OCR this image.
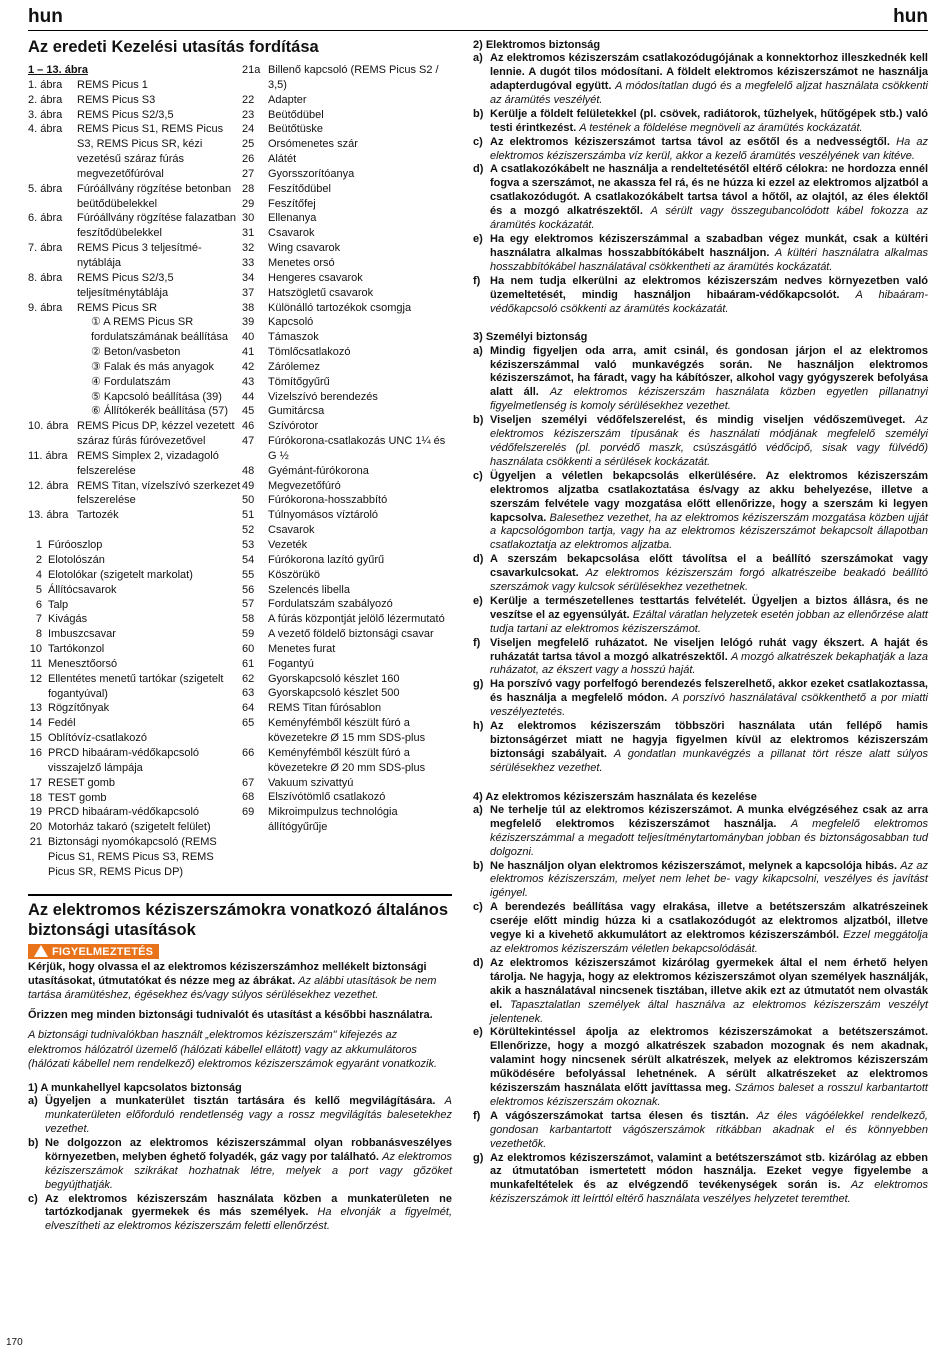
hun	hun
Az eredeti Kezelési utasítás fordítása
1 – 13. ábra
1. ábra	REMS Picus 1
2. ábra	REMS Picus S3
3. ábra	REMS Picus S2/3,5
4. ábra	REMS Picus S1, REMS Picus S3, REMS Picus SR, kézi vezetésű száraz fúrás megvezetőfúróval
5. ábra	Fúróállvány rögzítése betonban beütődübelekkel
6. ábra	Fúróállvány rögzítése falazatban feszítődübelekkel
7. ábra	REMS Picus 3 teljesítmé-nytáblája
8. ábra	REMS Picus S2/3,5 teljesítménytáblája
9. ábra	REMS Picus SR
① A REMS Picus SR fordulatszámának beállítása
② Beton/vasbeton
③ Falak és más anyagok
④ Fordulatszám
⑤ Kapcsoló beállítása (39)
⑥ Állítókerék beállítása (57)
10. ábra REMS Picus DP, kézzel vezetett száraz fúrás fúróvezetővel
11. ábra REMS Simplex 2, vizadagoló felszerelése
12. ábra REMS Titan, vízelszívó szerkezet felszerelése
13. ábra Tartozék
1 Fúróoszlop
2 Elotolószán
4 Elotolókar (szigetelt markolat)
5 Állítócsavarok
6 Talp
7 Kivágás
8 Imbuszcsavar
10 Tartókonzol
11 Menesztőorsó
12 Ellentétes menetű tartókar (szigetelt fogantyúval)
13 Rögzítőnyak
14 Fedél
15 Oblítóvíz-csatlakozó
16 PRCD hibaáram-védőkapcsoló visszajelző lámpája
17 RESET gomb
18 TEST gomb
19 PRCD hibaáram-védőkapcsoló
20 Motorház takaró (szigetelt felület)
21 Biztonsági nyomókapcsoló (REMS Picus S1, REMS Picus S3, REMS Picus SR, REMS Picus DP)
21a Billenő kapcsoló (REMS Picus S2 / 3,5)
22	Adapter
23	Beütődübel
24	Beütőtüske
25	Orsómenetes szár
26	Alátét
27	Gyorsszorítóanya
28	Feszítődübel
29	Feszítőfej
30	Ellenanya
31	Csavarok
32	Wing csavarok
33	Menetes orsó
34	Hengeres csavarok
37	Hatszögletű csavarok
38	Különálló tartozékok csomgja
39	Kapcsoló
40	Támaszok
41	Tömlőcsatlakozó
42	Zárólemez
43	Tömítőgyűrű
44	Vizelszívó berendezés
45	Gumitárcsa
46	Szívórotor
47	Fúrókorona-csatlakozás UNC 1¼ és G ½
48	Gyémánt-fúrókorona
49	Megvezetőfúró
50	Fúrókorona-hosszabbító
51	Túlnyomásos víztároló
52	Csavarok
53	Vezeték
54	Fúrókorona lazító gyűrű
55	Köszörükö
56	Szelencés libella
57	Fordulatszám szabályozó
58	A fúrás központját jelölő lézermutató
59	A vezető földelő biztonsági csavar
60	Menetes furat
61	Fogantyú
62	Gyorskapcsoló készlet 160
63	Gyorskapcsoló készlet 500
64	REMS Titan fúrósablon
65	Keményfémből készült fúró a kövezetekre Ø 15 mm SDS-plus
66	Keményfémből készült fúró a kövezetekre Ø 20 mm SDS-plus
67	Vakuum szivattyú
68	Elszívótömlő csatlakozó
69	Mikroimpulzus technológia állítógyűrűje
Az elektromos kéziszerszámokra vonatkozó általános biztonsági utasítások
FIGYELMEZTETÉS
Kérjük, hogy olvassa el az elektromos kéziszerszámhoz mellékelt biztonsági utasításokat, útmutatókat és nézze meg az ábrákat. Az alábbi utasítások be nem tartása áramütéshez, égésekhez és/vagy súlyos sérülésekhez vezethet.
Őrizzen meg minden biztonsági tudnivalót és utasítást a későbbi használatra.
A biztonsági tudnivalókban használt „elektromos kéziszerszám" kifejezés az elektromos hálózatról üzemelő (hálózati kábellel ellátott) vagy az akkumulátoros (hálózati kábellel nem rendelkező) elektromos kéziszerszámok egyaránt vonatkozik.
1) A munkahellyel kapcsolatos biztonság
a) Ügyeljen a munkaterület tisztán tartására és kellő megvilágítására. A munkaterületen előforduló rendetlenség vagy a rossz megvilágítás balesetekhez vezethet.
b) Ne dolgozzon az elektromos kéziszerszámmal olyan robbanásveszélyes környezetben, melyben éghető folyadék, gáz vagy por található. Az elektromos kéziszerszámok szikrákat hozhatnak létre, melyek a port vagy gőzöket begyújthatják.
c) Az elektromos kéziszerszám használata közben a munkaterületen ne tartózkodjanak gyermekek és más személyek. Ha elvonják a figyelmét, elveszítheti az elektromos kéziszerszám feletti ellenőrzést.
2) Elektromos biztonság
a) Az elektromos kéziszerszám csatlakozódugójának a konnektorhoz illeszkednék kell lennie. A dugót tilos módosítani. A földelt elektromos kéziszerszámot ne használja adapterdugóval együtt. A módosítatlan dugó és a megfelelő aljzat használata csökkenti az áramütés veszélyét.
b) Kerülje a földelt felületekkel (pl. csövek, radiátorok, tűzhelyek, hűtőgépek stb.) való testi érintkezést. A testének a földelése megnöveli az áramütés kockázatát.
c) Az elektromos kéziszerszámot tartsa távol az esőtől és a nedvességtől. Ha az elektromos kéziszerszámba víz kerül, akkor a kezelő áramütés veszélyének van kitéve.
d) A csatlakozókábelt ne használja a rendeltetésétől eltérő célokra: ne hordozza ennél fogva a szerszámot, ne akassza fel rá, és ne húzza ki ezzel az elektromos aljzatból a csatlakozódugót. A csatlakozókábelt tartsa távol a hőtől, az olajtól, az éles élektől és a mozgó alkatrészektől. A sérült vagy összegubancolódott kábel fokozza az áramütés kockázatát.
e) Ha egy elektromos kéziszerszámmal a szabadban végez munkát, csak a kültéri használatra alkalmas hosszabbítókábelt használjon. A kültéri használatra alkalmas hosszabbítókábel használatával csökkentheti az áramütés kockázatát.
f) Ha nem tudja elkerülni az elektromos kéziszerszám nedves környezetben való üzemeltetését, mindig használjon hibaáram-védőkapcsolót. A hibaáram-védőkapcsoló csökkenti az áramütés kockázatát.
3) Személyi biztonság
a) Mindig figyeljen oda arra, amit csinál, és gondosan járjon el az elektromos kéziszerszámmal való munkavégzés során. Ne használjon elektromos kéziszerszámot, ha fáradt, vagy ha kábítószer, alkohol vagy gyógyszerek befolyása alatt áll. Az elektromos kéziszerszám használata közben egyetlen pillanatnyi figyelmetlenség is komoly sérülésekhez vezethet.
b) Viseljen személyi védőfelszerelést, és mindig viseljen védőszemüveget. Az elektromos kéziszerszám típusának és használati módjának megfelelő személyi védőfelszerelés (pl. porvédő maszk, csúszásgátló védőcipő, sisak vagy fülvédő) használata csökkenti a sérülések kockázatát.
c) Ügyeljen a véletlen bekapcsolás elkerülésére. Az elektromos kéziszerszám elektromos aljzatba csatlakoztatása és/vagy az akku behelyezése, illetve a szerszám felvétele vagy mozgatása előtt ellenőrizze, hogy a szerszám ki legyen kapcsolva. Balesethez vezethet, ha az elektromos kéziszerszám mozgatása közben ujját a kapcsológombon tartja, vagy ha az elektromos kéziszerszámot bekapcsolt állapotban csatlakoztatja az elektromos aljzatba.
d) A szerszám bekapcsolása előtt távolítsa el a beállító szerszámokat vagy csavarkulcsokat. Az elektromos kéziszerszám forgó alkatrészeibe beakadó beállító szerszámok vagy kulcsok sérülésekhez vezethetnek.
e) Kerülje a természetellenes testtartás felvételét. Ügyeljen a biztos állásra, és ne veszítse el az egyensúlyát. Ezáltal váratlan helyzetek esetén jobban az ellenőrzése alatt tudja tartani az elektromos kéziszerszámot.
f) Viseljen megfelelő ruházatot. Ne viseljen lelógó ruhát vagy ékszert. A haját és ruházatát tartsa távol a mozgó alkatrészektől. A mozgó alkatrészek bekaphatják a laza ruházatot, az ékszert vagy a hosszú haját.
g) Ha porszívó vagy porfelfogó berendezés felszerelhető, akkor ezeket csatlakoztassa, és használja a megfelelő módon. A porszívó használatával csökkenthető a por miatti veszélyeztetés.
h) Az elektromos kéziszerszám többszöri használata után fellépő hamis biztonságérzet miatt ne hagyja figyelmen kívül az elektromos kéziszerszám biztonsági szabályait. A gondatlan munkavégzés a pillanat tört része alatt súlyos sérülésekhez vezethet.
4) Az elektromos kéziszerszám használata és kezelése
a) Ne terhelje túl az elektromos kéziszerszámot. A munka elvégzéséhez csak az arra megfelelő elektromos kéziszerszámot használja. A megfelelő elektromos kéziszerszámmal a megadott teljesítménytartományban jobban és biztonságosabban tud dolgozni.
b) Ne használjon olyan elektromos kéziszerszámot, melynek a kapcsolója hibás. Az az elektromos kéziszerszám, melyet nem lehet be- vagy kikapcsolni, veszélyes és javítást igényel.
c) A berendezés beállítása vagy elrakása, illetve a betétszerszám alkatrészeinek cseréje előtt mindig húzza ki a csatlakozódugót az elektromos aljzatból, illetve vegye ki a kivehető akkumulátort az elektromos kéziszerszámból. Ezzel meggátolja az elektromos kéziszerszám véletlen bekapcsolódását.
d) Az elektromos kéziszerszámot kizárólag gyermekek által el nem érhető helyen tárolja. Ne hagyja, hogy az elektromos kéziszerszámot olyan személyek használják, akik a használatával nincsenek tisztában, illetve akik ezt az útmutatót nem olvasták el. Tapasztalatlan személyek által használva az elektromos kéziszerszám veszélyt jelentenek.
e) Körültekintéssel ápolja az elektromos kéziszerszámokat a betétszerszámot. Ellenőrizze, hogy a mozgó alkatrészek szabadon mozognak és nem akadnak, valamint hogy nincsenek sérült alkatrészek, melyek az elektromos kéziszerszám működésére befolyással lehetnének. A sérült alkatrészeket az elektromos kéziszerszám használata előtt javíttassa meg. Számos baleset a rosszul karbantartott elektromos kéziszerszám okoznak.
f) A vágószerszámokat tartsa élesen és tisztán. Az éles vágóélekkel rendelkező, gondosan karbantartott vágószerszámok ritkábban akadnak el és könnyebben vezethetők.
g) Az elektromos kéziszerszámot, valamint a betétszerszámot stb. kizárólag az ebben az útmutatóban ismertetett módon használja. Ezeket vegye figyelembe a munkafeltételek és az elvégzendő tevékenységek során is. Az elektromos kéziszerszámok itt leírttól eltérő használata veszélyes helyzetet teremthet.
170
